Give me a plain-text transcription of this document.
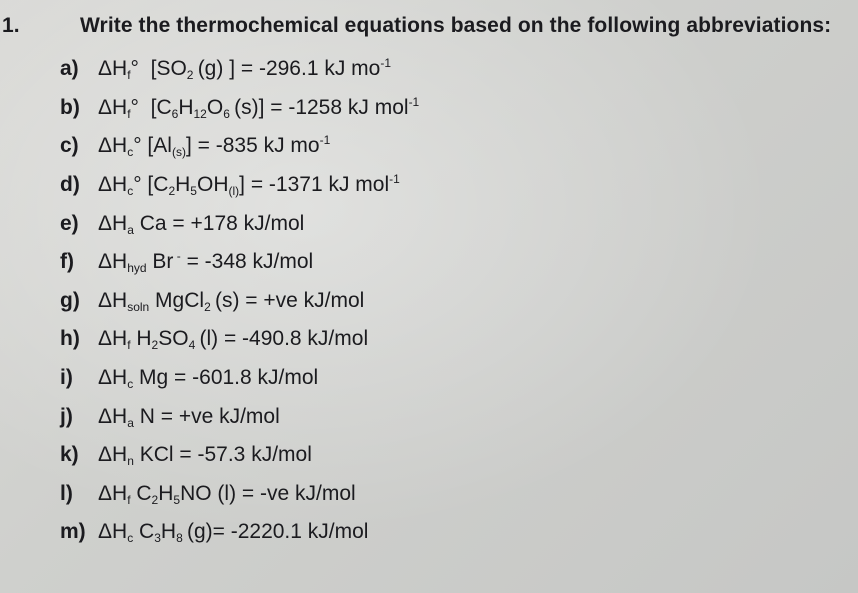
1.	Write the thermochemical equations based on the following abbreviations:
a) $\Delta H_f^\circ$  [$SO_2$ (g) ] = -296.1 kJ $mo^{-1}$
b) $\Delta H_f^\circ$  [$C_6H_{12}O_6$ (s)] = -1258 kJ mol$^{-1}$
c) $\Delta H_c^\circ$ $[Al_{(s)}] = -835$ kJ $mo^{-1}$
d) $\Delta H_c^\circ$ $[C_2H_5OH_{(l)}] = -1371$ kJ mol$^{-1}$
e) $\Delta H_a$ Ca = +178 kJ/mol
f)	$\Delta H_{hyd}$ Br - = -348 kJ/mol
g) $\Delta H_{soln}$ MgCl$_2$ (s) = +ve kJ/mol
h) $\Delta H_f$ $H_2SO_4$ (l) = -490.8 kJ/mol
i)	$\Delta H_c$ Mg = -601.8 kJ/mol
j)	$\Delta H_a$ N = +ve kJ/mol
k) $\Delta H_n$ KCl = -57.3 kJ/mol
l)	$\Delta H_f$ $C_2H_5NO$ (l) = -ve kJ/mol
m) $\Delta H_c$ $C_3H_8$ (g)= -2220.1 kJ/mol
